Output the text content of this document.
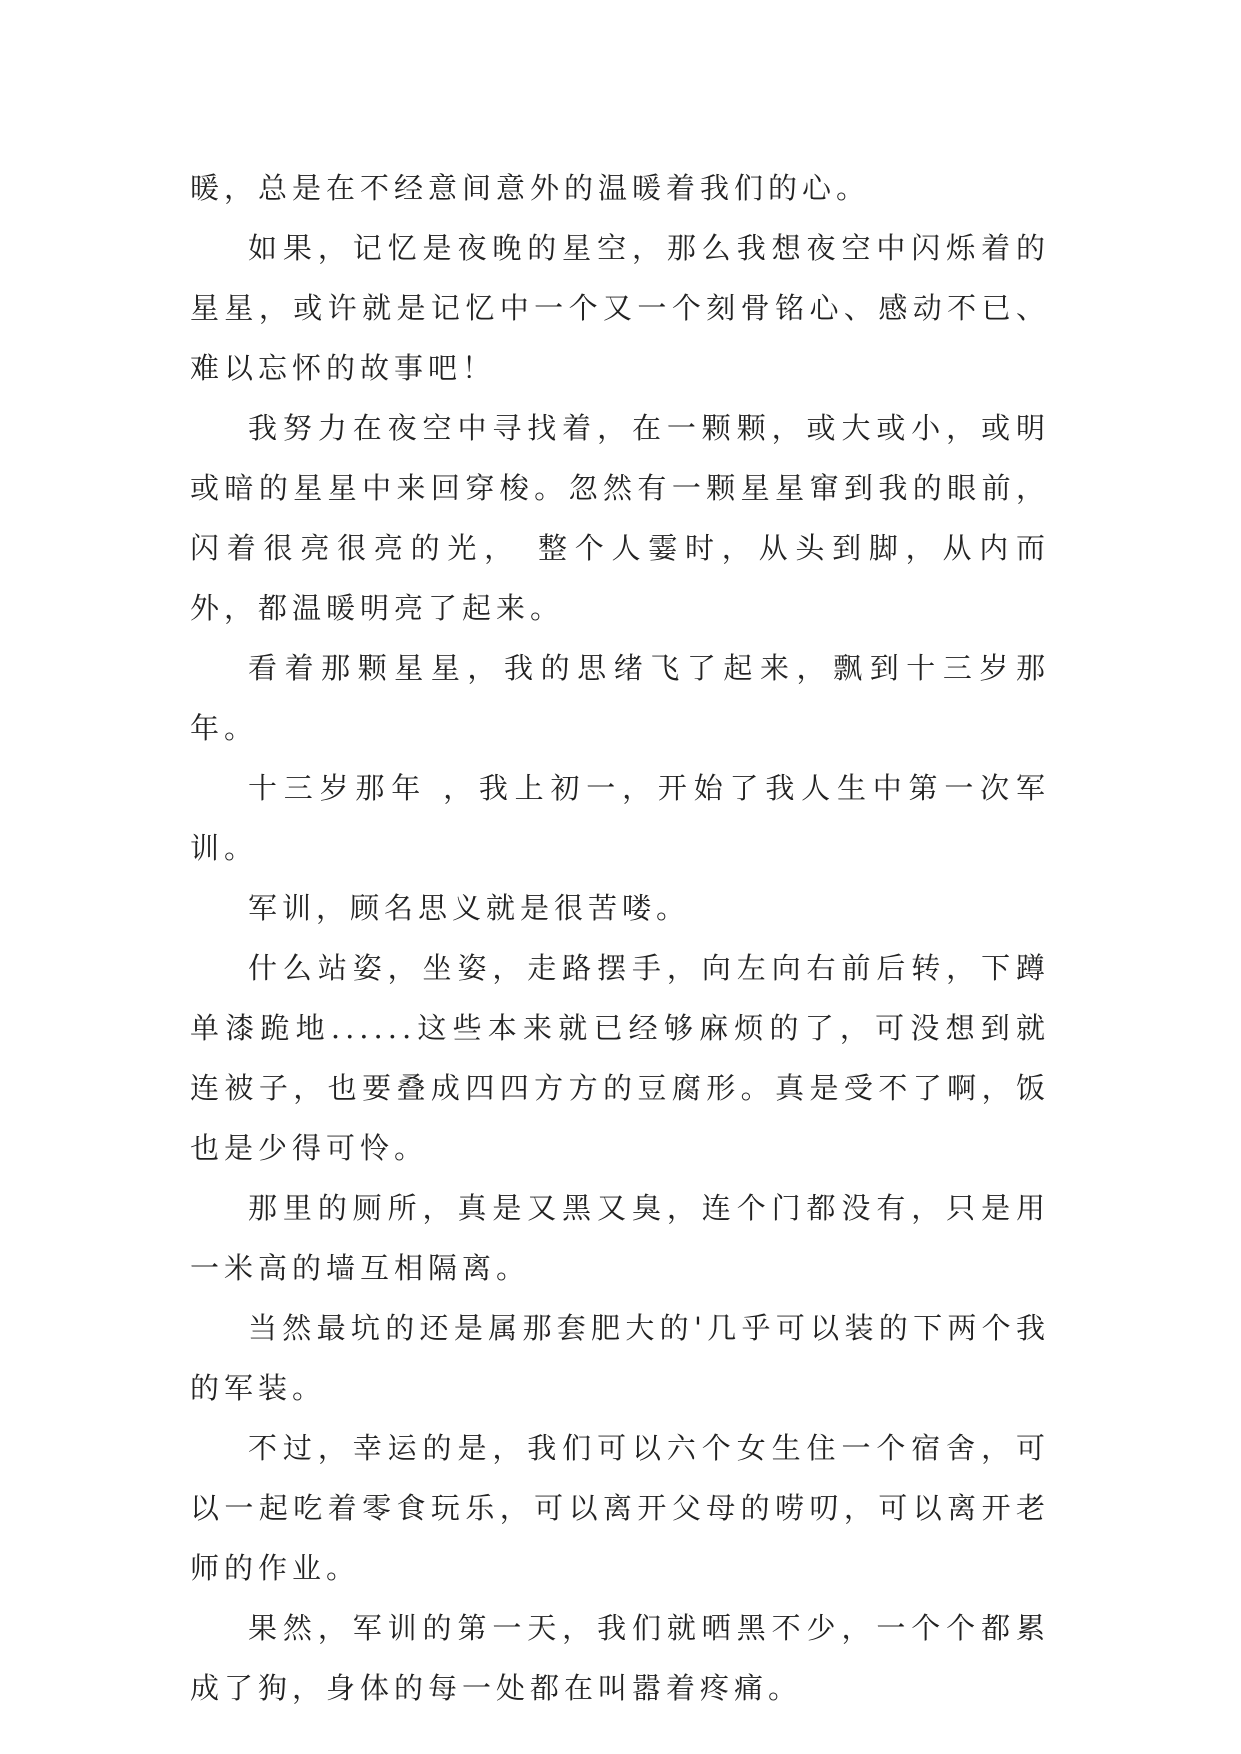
暖，总是在不经意间意外的温暖着我们的心。

如果，记忆是夜晚的星空，那么我想夜空中闪烁着的星星，或许就是记忆中一个又一个刻骨铭心、感动不已、难以忘怀的故事吧！

我努力在夜空中寻找着，在一颗颗，或大或小，或明或暗的星星中来回穿梭。忽然有一颗星星窜到我的眼前，闪着很亮很亮的光， 整个人霎时，从头到脚，从内而外，都温暖明亮了起来。

看着那颗星星，我的思绪飞了起来，飘到十三岁那年。

十三岁那年 ，我上初一，开始了我人生中第一次军训。

军训，顾名思义就是很苦喽。

什么站姿，坐姿，走路摆手，向左向右前后转，下蹲单漆跪地......这些本来就已经够麻烦的了，可没想到就连被子，也要叠成四四方方的豆腐形。真是受不了啊，饭也是少得可怜。

那里的厕所，真是又黑又臭，连个门都没有，只是用一米高的墙互相隔离。

当然最坑的还是属那套肥大的'几乎可以装的下两个我的军装。

不过，幸运的是，我们可以六个女生住一个宿舍，可以一起吃着零食玩乐，可以离开父母的唠叨，可以离开老师的作业。

果然，军训的第一天，我们就晒黑不少，一个个都累成了狗，身体的每一处都在叫嚣着疼痛。
